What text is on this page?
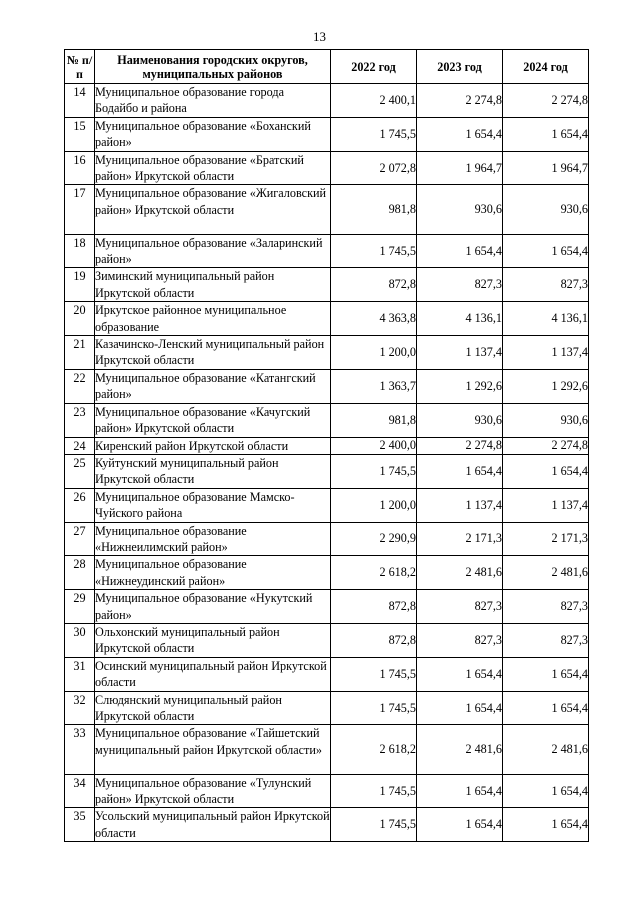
13
№ п/п	Наименования городских округов, муниципальных районов	2022 год	2023 год	2024 год
14	Муниципальное образование города Бодайбо и района	2 400,1	2 274,8	2 274,8
15	Муниципальное образование «Боханский район»	1 745,5	1 654,4	1 654,4
16	Муниципальное образование «Братский район» Иркутской области	2 072,8	1 964,7	1 964,7
17	Муниципальное образование «Жигаловский район» Иркутской области	981,8	930,6	930,6
18	Муниципальное образование «Заларинский район»	1 745,5	1 654,4	1 654,4
19	Зиминский муниципальный район Иркутской области	872,8	827,3	827,3
20	Иркутское районное муниципальное образование	4 363,8	4 136,1	4 136,1
21	Казачинско-Ленский муниципальный район Иркутской области	1 200,0	1 137,4	1 137,4
22	Муниципальное образование «Катангский район»	1 363,7	1 292,6	1 292,6
23	Муниципальное образование «Качугский район» Иркутской области	981,8	930,6	930,6
24	Киренский район Иркутской области	2 400,0	2 274,8	2 274,8
25	Куйтунский муниципальный район Иркутской области	1 745,5	1 654,4	1 654,4
26	Муниципальное образование Мамско-Чуйского района	1 200,0	1 137,4	1 137,4
27	Муниципальное образование «Нижнеилимский район»	2 290,9	2 171,3	2 171,3
28	Муниципальное образование «Нижнеудинский район»	2 618,2	2 481,6	2 481,6
29	Муниципальное образование «Нукутский район»	872,8	827,3	827,3
30	Ольхонский муниципальный район Иркутской области	872,8	827,3	827,3
31	Осинский муниципальный район Иркутской области	1 745,5	1 654,4	1 654,4
32	Слюдянский муниципальный район Иркутской области	1 745,5	1 654,4	1 654,4
33	Муниципальное образование «Тайшетский муниципальный район Иркутской области»	2 618,2	2 481,6	2 481,6
34	Муниципальное образование «Тулунский район» Иркутской области	1 745,5	1 654,4	1 654,4
35	Усольский муниципальный район Иркутской области	1 745,5	1 654,4	1 654,4
